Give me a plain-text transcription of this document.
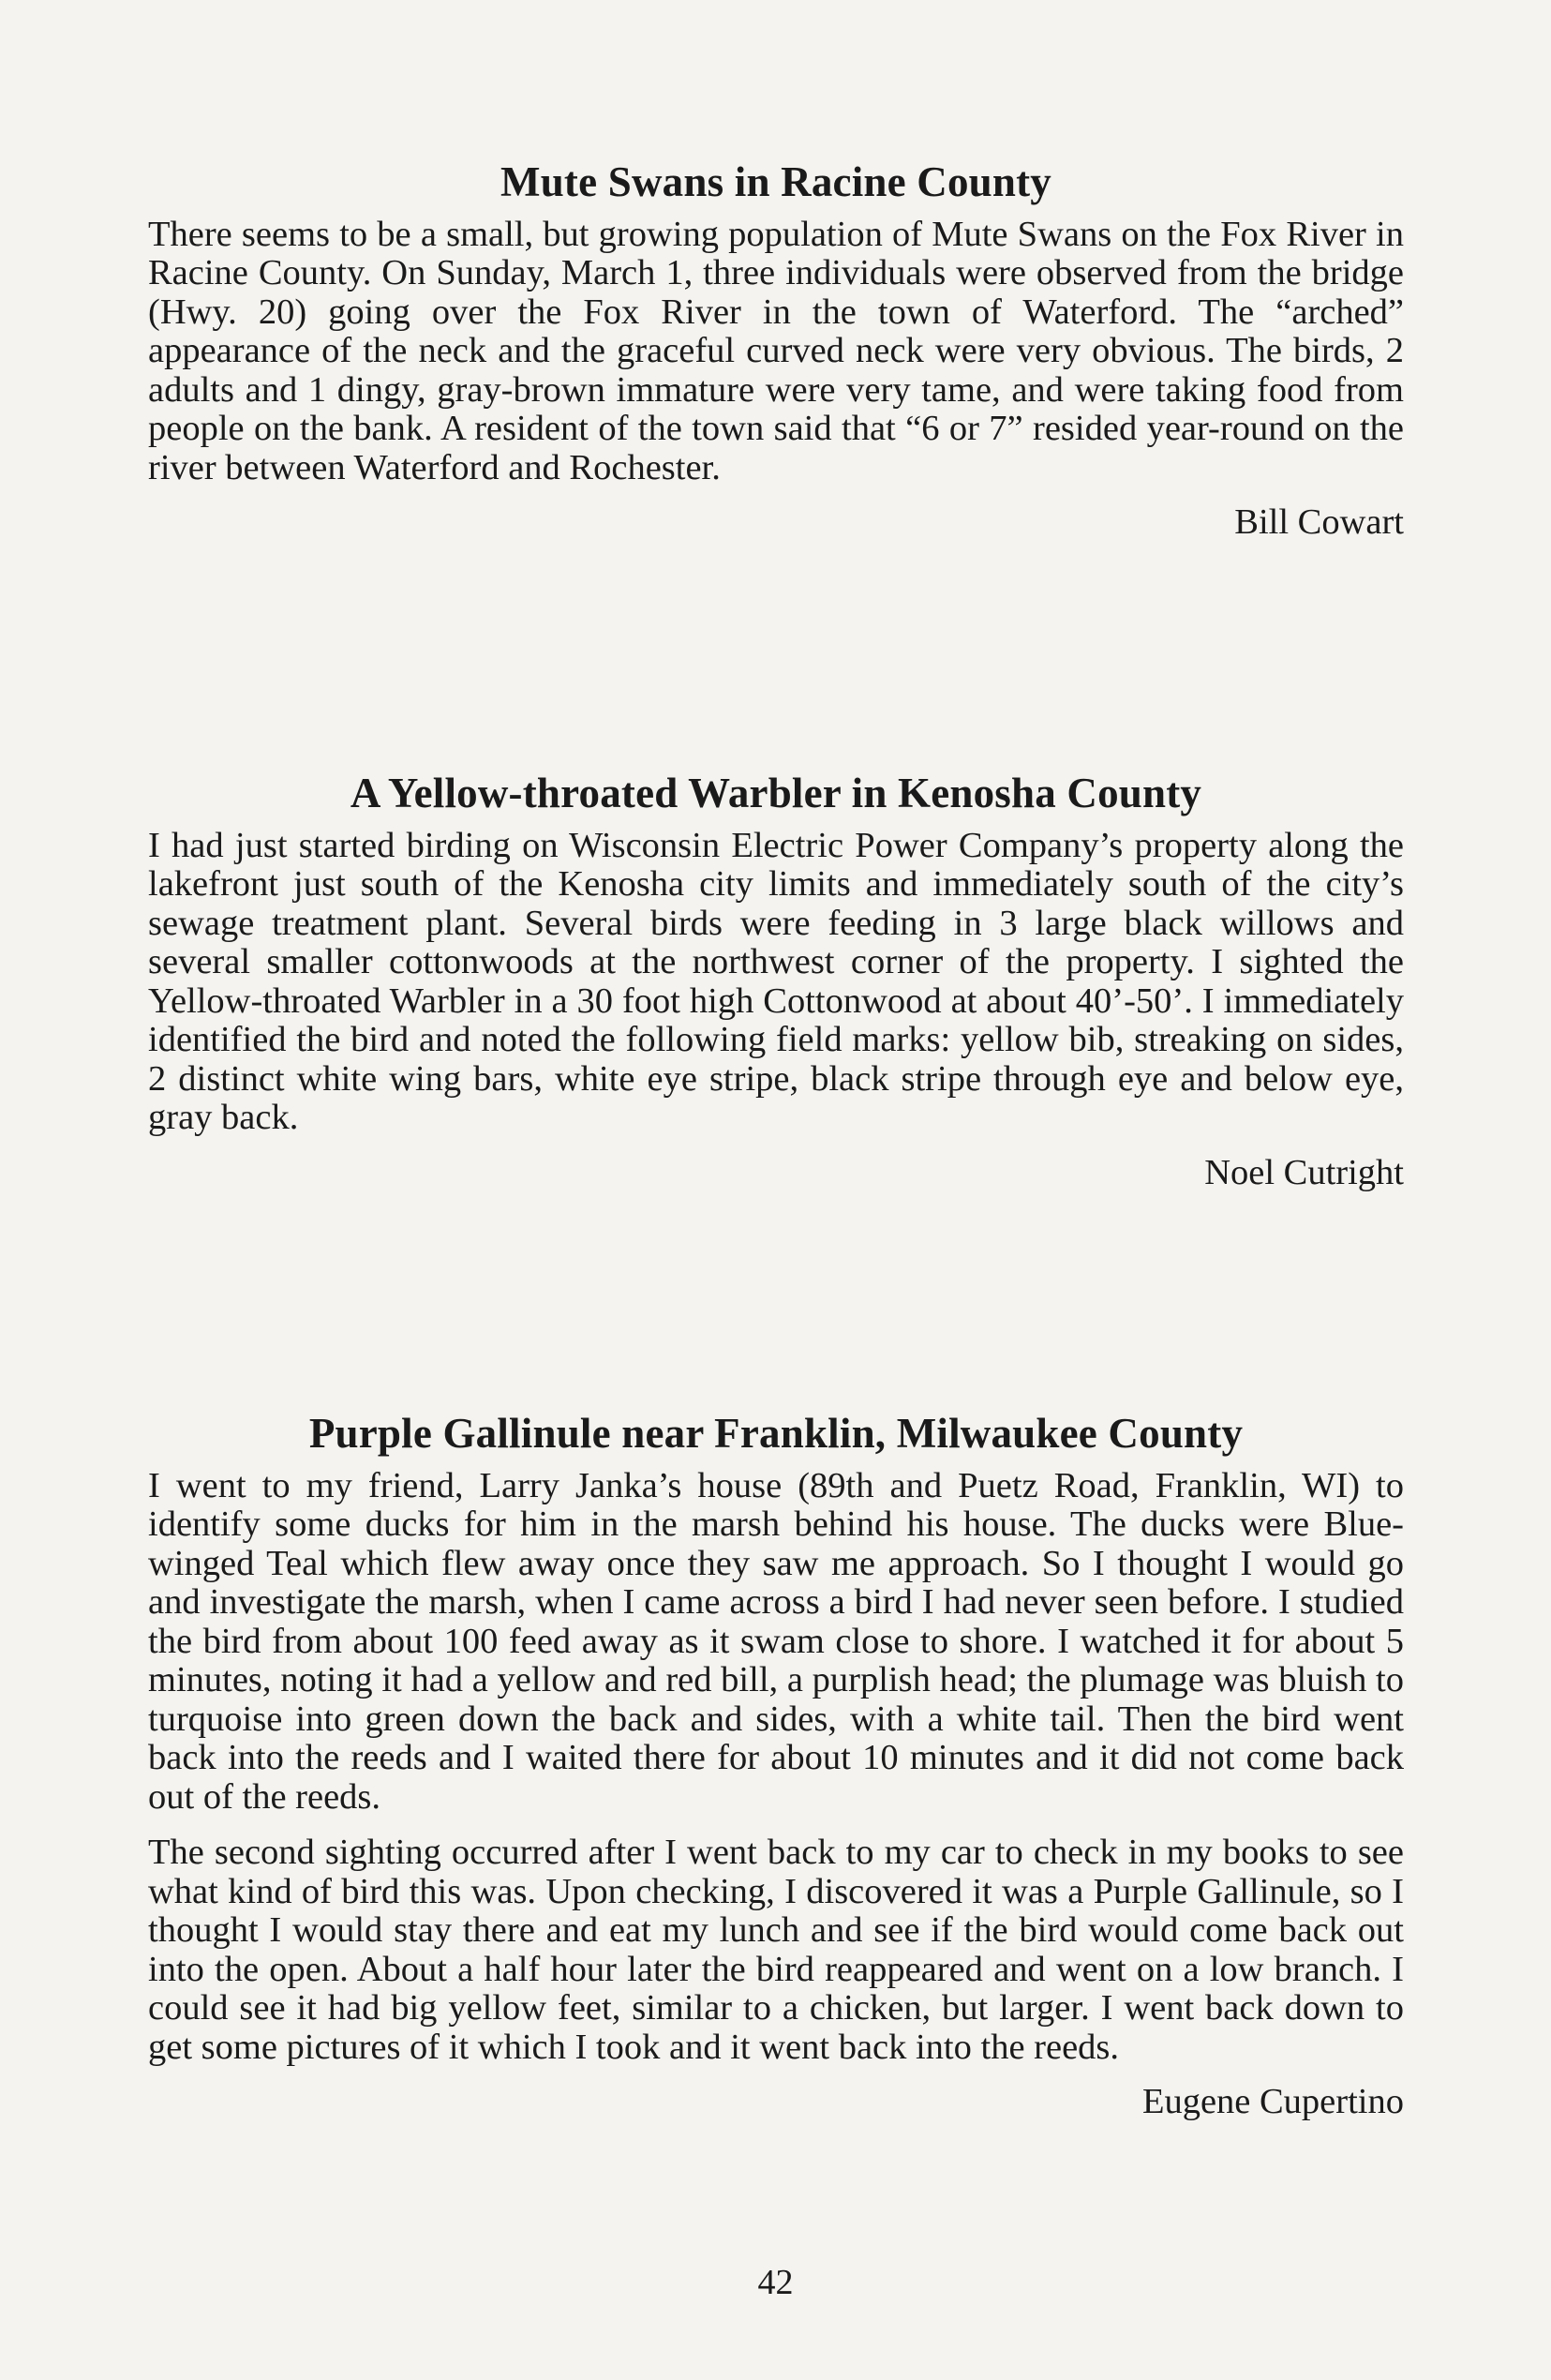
Mute Swans in Racine County

There seems to be a small, but growing population of Mute Swans on the Fox River in Racine County. On Sunday, March 1, three individuals were observed from the bridge (Hwy. 20) going over the Fox River in the town of Waterford. The “arched” appearance of the neck and the graceful curved neck were very obvious. The birds, 2 adults and 1 dingy, gray-brown immature were very tame, and were taking food from people on the bank. A resident of the town said that “6 or 7” resided year-round on the river between Waterford and Rochester.

Bill Cowart

A Yellow-throated Warbler in Kenosha County

I had just started birding on Wisconsin Electric Power Company’s property along the lakefront just south of the Kenosha city limits and immediately south of the city’s sewage treatment plant. Several birds were feeding in 3 large black willows and several smaller cottonwoods at the northwest corner of the property. I sighted the Yellow-throated Warbler in a 30 foot high Cottonwood at about 40’-50’. I immediately identified the bird and noted the following field marks: yellow bib, streaking on sides, 2 distinct white wing bars, white eye stripe, black stripe through eye and below eye, gray back.

Noel Cutright

Purple Gallinule near Franklin, Milwaukee County

I went to my friend, Larry Janka’s house (89th and Puetz Road, Franklin, WI) to identify some ducks for him in the marsh behind his house. The ducks were Blue-winged Teal which flew away once they saw me approach. So I thought I would go and investigate the marsh, when I came across a bird I had never seen before. I studied the bird from about 100 feed away as it swam close to shore. I watched it for about 5 minutes, noting it had a yellow and red bill, a purplish head; the plumage was bluish to turquoise into green down the back and sides, with a white tail. Then the bird went back into the reeds and I waited there for about 10 minutes and it did not come back out of the reeds.

The second sighting occurred after I went back to my car to check in my books to see what kind of bird this was. Upon checking, I discovered it was a Purple Gallinule, so I thought I would stay there and eat my lunch and see if the bird would come back out into the open. About a half hour later the bird reappeared and went on a low branch. I could see it had big yellow feet, similar to a chicken, but larger. I went back down to get some pictures of it which I took and it went back into the reeds.

Eugene Cupertino

42
